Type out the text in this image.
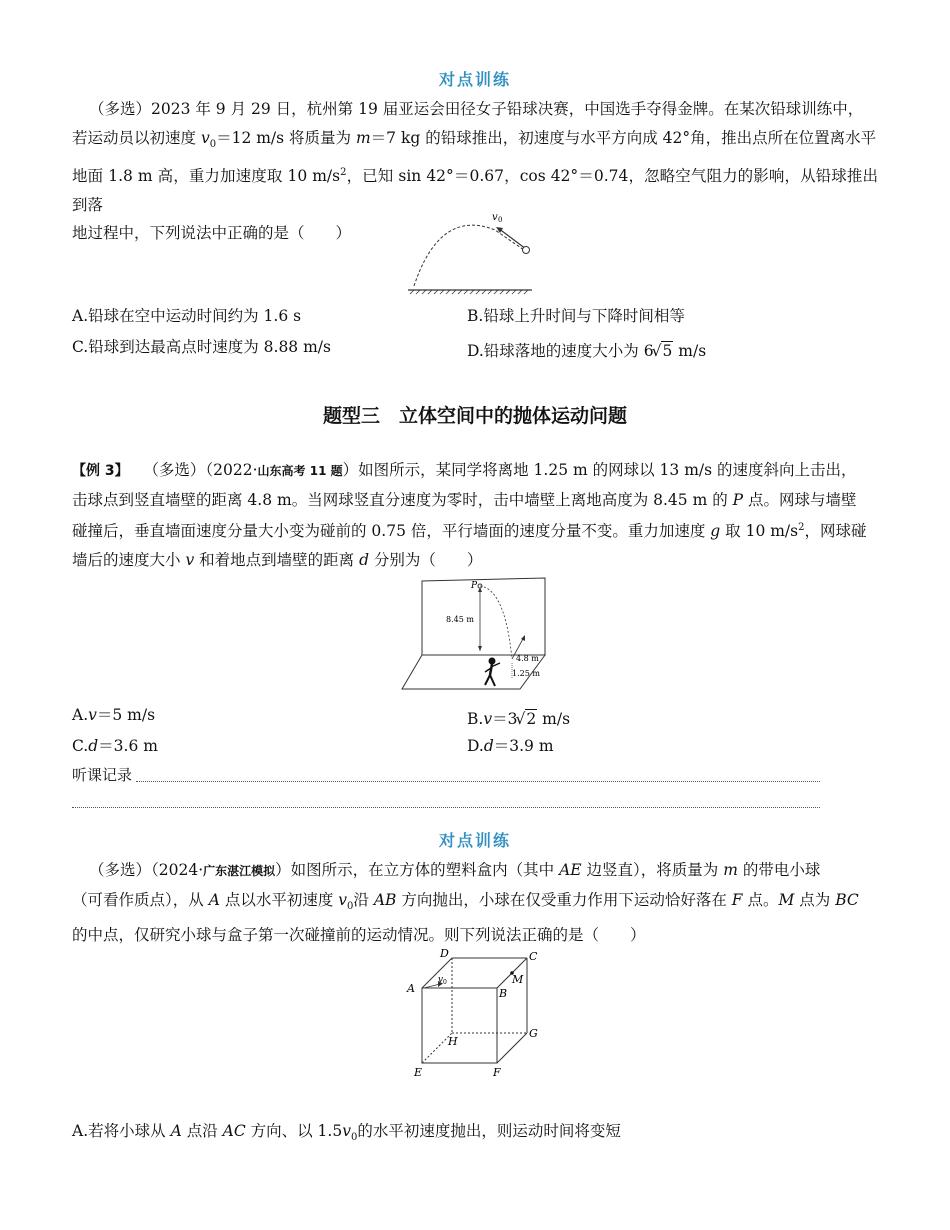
对点训练
（多选）2023 年 9 月 29 日，杭州第 19 届亚运会田径女子铅球决赛，中国选手夺得金牌。在某次铅球训练中，
若运动员以初速度 $v_0=12$ m/s 将质量为 m＝7 kg 的铅球推出，初速度与水平方向成 42°角，推出点所在位置离水平
地面 1.8 m 高，重力加速度取 10 $m/s^2$，已知 sin 42°＝0.67，cos 42°＝0.74，忽略空气阻力的影响，从铅球推出到落
地过程中，下列说法中正确的是（　　）
v 0
A.铅球在空中运动时间约为 1.6 s	B.铅球上升时间与下降时间相等
C.铅球到达最高点时速度为 8.88 m/s	D.铅球落地的速度大小为 6√5 m/s
题型三　立体空间中的抛体运动问题
【例 3】 （多选）（2022·山东高考 11 题）如图所示，某同学将离地 1.25 m 的网球以 13 m/s 的速度斜向上击出，
击球点到竖直墙壁的距离 4.8 m。当网球竖直分速度为零时，击中墙壁上离地高度为 8.45 m 的 P 点。网球与墙壁
碰撞后，垂直墙面速度分量大小变为碰前的 0.75 倍，平行墙面的速度分量不变。重力加速度 g 取 10 $m/s^2$，网球碰
墙后的速度大小 v 和着地点到墙壁的距离 d 分别为（　　）
P
8.45 m
4.8 m
1.25 m
A.v＝5 m/s	B.v＝3√2 m/s
C.d＝3.6 m	D.d＝3.9 m
听课记录
对点训练
（多选）（2024·广东湛江模拟）如图所示，在立方体的塑料盒内（其中 AE 边竖直），将质量为 m 的带电小球
（可看作质点），从 A 点以水平初速度 $v_0$沿 AB 方向抛出，小球在仅受重力作用下运动恰好落在 F 点。M 点为 BC
的中点，仅研究小球与盒子第一次碰撞前的运动情况。则下列说法正确的是（　　）
v 0
A	B
C
D
E	F
G
H
M
A.若将小球从 A 点沿 AC 方向、以 $1.5v_0$的水平初速度抛出，则运动时间将变短
